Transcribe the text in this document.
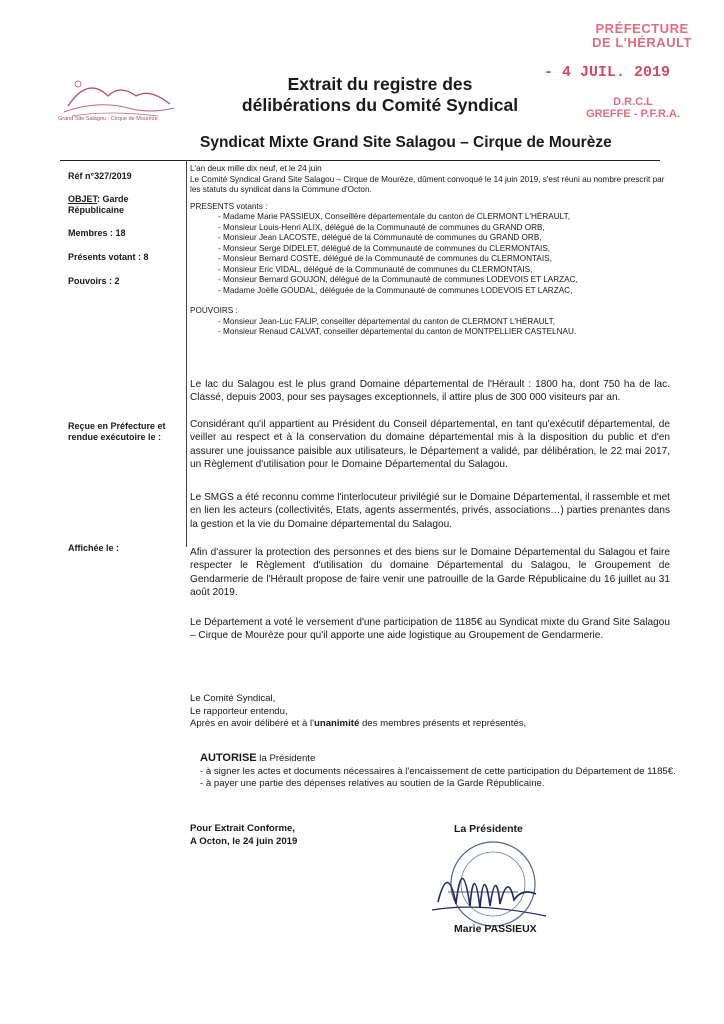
Grand Site Salagou · Cirque de Mourèze
Extrait du registre des
délibérations du Comité Syndical
PRÉFECTURE
DE L'HÉRAULT
- 4 JUIL. 2019
D.R.C.L
GREFFE - P.F.R.A.
Syndicat Mixte Grand Site Salagou – Cirque de Mourèze
Réf n°327/2019
OBJET: Garde Républicaine
Membres : 18
Présents votant : 8
Pouvoirs : 2
Reçue en Préfecture et rendue exécutoire le :
Affichée le :

L'an deux mille dix neuf, et le 24 juin

Le Comité Syndical Grand Site Salagou – Cirque de Mourèze, dûment convoqué le 14 juin 2019, s'est réuni au nombre prescrit par les statuts du syndicat dans la Commune d'Octon.

PRESENTS votants :

- Madame Marie PASSIEUX, Conseillère départementale du canton de CLERMONT L'HÉRAULT,
- Monsieur Louis-Henri ALIX, délégué de la Communauté de communes du GRAND ORB,
- Monsieur Jean LACOSTE, délégué de la Communauté de communes du GRAND ORB,
- Monsieur Serge DIDELET, délégué de la Communauté de communes du CLERMONTAIS,
- Monsieur Bernard COSTE, délégué de la Communauté de communes du CLERMONTAIS,
- Monsieur Eric VIDAL, délégué de la Communauté de communes du CLERMONTAIS,
- Monsieur Bernard GOUJON, délégué de la Communauté de communes LODEVOIS ET LARZAC,
- Madame Joëlle GOUDAL, déléguée de la Communauté de communes LODEVOIS ET LARZAC,

POUVOIRS :

- Monsieur Jean-Luc FALIP, conseiller départemental du canton de CLERMONT L'HÉRAULT,
- Monsieur Renaud CALVAT, conseiller départemental du canton de MONTPELLIER CASTELNAU.

Le lac du Salagou est le plus grand Domaine départemental de l'Hérault : 1800 ha, dont 750 ha de lac. Classé, depuis 2003, pour ses paysages exceptionnels, il attire plus de 300 000 visiteurs par an.

Considérant qu'il appartient au Président du Conseil départemental, en tant qu'exécutif départemental, de veiller au respect et à la conservation du domaine départemental mis à la disposition du public et d'en assurer une jouissance paisible aux utilisateurs, le Département a validé, par délibération, le 22 mai 2017, un Règlement d'utilisation pour le Domaine Départemental du Salagou.

Le SMGS a été reconnu comme l'interlocuteur privilégié sur le Domaine Départemental, il rassemble et met en lien les acteurs (collectivités, Etats, agents assermentés, privés, associations…) parties prenantes dans la gestion et la vie du Domaine départemental du Salagou.

Afin d'assurer la protection des personnes et des biens sur le Domaine Départemental du Salagou et faire respecter le Règlement d'utilisation du domaine Départemental du Salagou, le Groupement de Gendarmerie de l'Hérault propose de faire venir une patrouille de la Garde Républicaine du 16 juillet au 31 août 2019.

Le Département a voté le versement d'une participation de 1185€ au Syndicat mixte du Grand Site Salagou – Cirque de Mourèze pour qu'il apporte une aide logistique au Groupement de Gendarmerie.

Le Comité Syndical,
Le rapporteur entendu,
Après en avoir délibéré et à l'unanimité des membres présents et représentés,
AUTORISE la Présidente
- à signer les actes et documents nécessaires à l'encaissement de cette participation du Département de 1185€.
- à payer une partie des dépenses relatives au soutien de la Garde Républicaine.
Pour Extrait Conforme,
A Octon, le 24 juin 2019
La Présidente
Marie PASSIEUX
